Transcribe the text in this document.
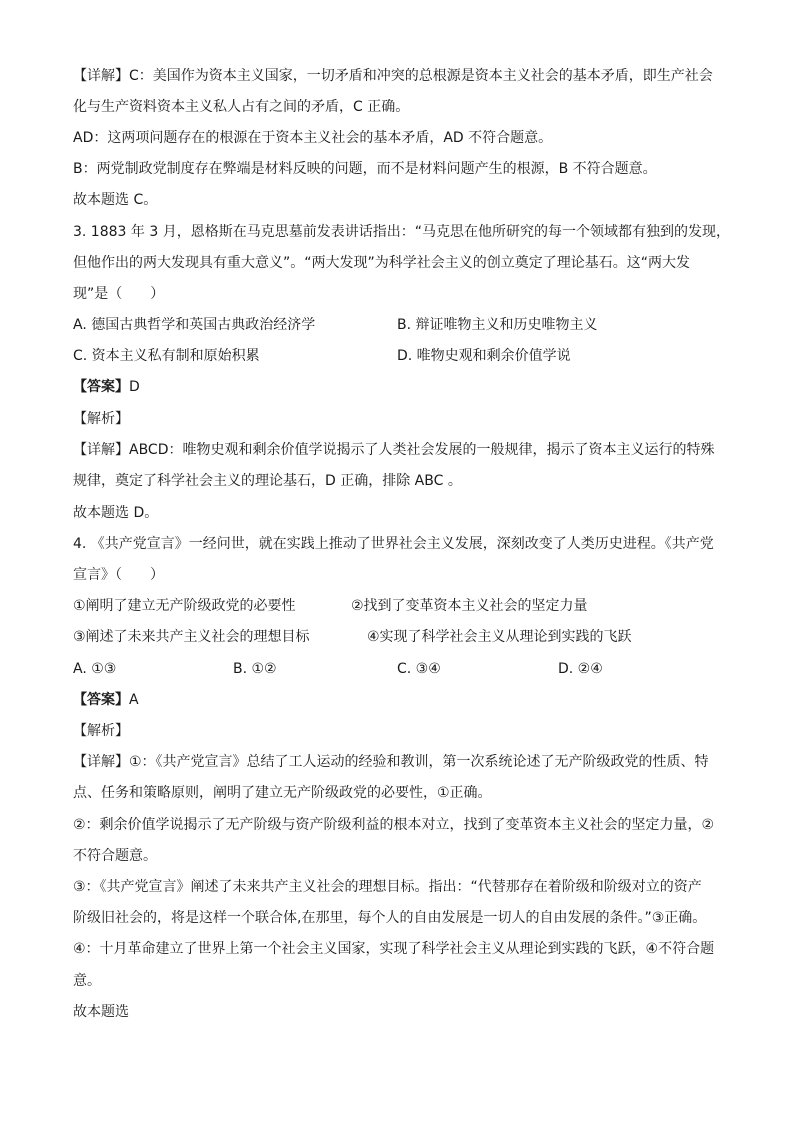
【详解】C：美国作为资本主义国家，一切矛盾和冲突的总根源是资本主义社会的基本矛盾，即生产社会
化与生产资料资本主义私人占有之间的矛盾，C 正确。
AD：这两项问题存在的根源在于资本主义社会的基本矛盾，AD 不符合题意。
B：两党制政党制度存在弊端是材料反映的问题，而不是材料问题产生的根源，B 不符合题意。
故本题选 C。
3. 1883 年 3 月，恩格斯在马克思墓前发表讲话指出：“马克思在他所研究的每一个领域都有独到的发现，
但他作出的两大发现具有重大意义”。“两大发现”为科学社会主义的创立奠定了理论基石。这“两大发
现”是（　　）
A. 德国古典哲学和英国古典政治经济学	B. 辩证唯物主义和历史唯物主义
C. 资本主义私有制和原始积累	D. 唯物史观和剩余价值学说
【答案】D
【解析】
【详解】ABCD：唯物史观和剩余价值学说揭示了人类社会发展的一般规律，揭示了资本主义运行的特殊
规律，奠定了科学社会主义的理论基石，D 正确，排除 ABC 。
故本题选 D。
4. 《共产党宣言》一经问世，就在实践上推动了世界社会主义发展，深刻改变了人类历史进程。《共产党
宣言》（　　）
①阐明了建立无产阶级政党的必要性	②找到了变革资本主义社会的坚定力量
③阐述了未来共产主义社会的理想目标	④实现了科学社会主义从理论到实践的飞跃
A. ①③	B. ①②	C. ③④	D. ②④
【答案】A
【解析】
【详解】①：《共产党宣言》总结了工人运动的经验和教训，第一次系统论述了无产阶级政党的性质、特
点、任务和策略原则，阐明了建立无产阶级政党的必要性，①正确。
②：剩余价值学说揭示了无产阶级与资产阶级利益的根本对立，找到了变革资本主义社会的坚定力量，②
不符合题意。
③：《共产党宣言》阐述了未来共产主义社会的理想目标。指出：“代替那存在着阶级和阶级对立的资产
阶级旧社会的，将是这样一个联合体,在那里，每个人的自由发展是一切人的自由发展的条件。”③正确。
④：十月革命建立了世界上第一个社会主义国家，实现了科学社会主义从理论到实践的飞跃，④不符合题
意。
故本题选
